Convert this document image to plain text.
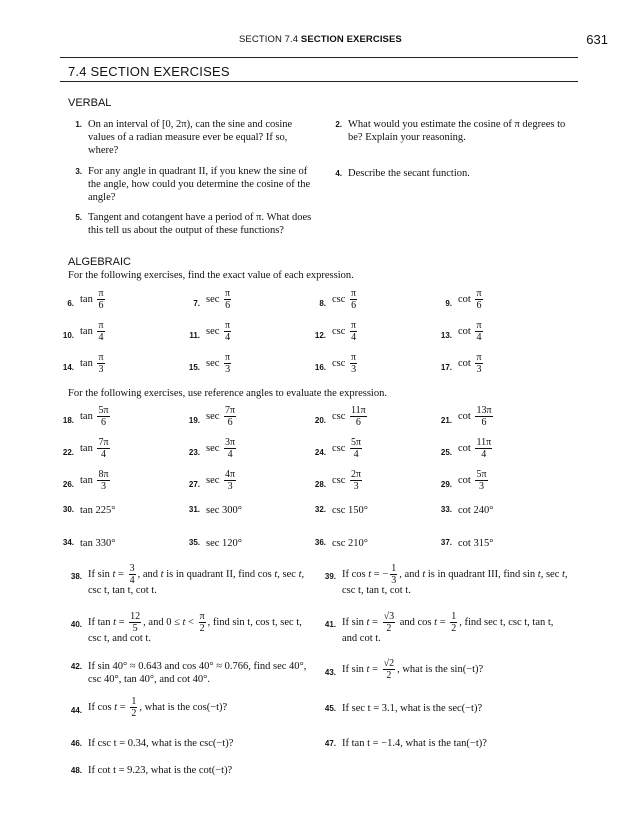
SECTION 7.4 SECTION EXERCISES	631
7.4 SECTION EXERCISES
VERBAL
1. On an interval of [0, 2π), can the sine and cosine values of a radian measure ever be equal? If so, where?
2. What would you estimate the cosine of π degrees to be? Explain your reasoning.
3. For any angle in quadrant II, if you knew the sine of the angle, how could you determine the cosine of the angle?
4. Describe the secant function.
5. Tangent and cotangent have a period of π. What does this tell us about the output of these functions?
ALGEBRAIC
For the following exercises, find the exact value of each expression.
6. $\tan \frac{\pi}{6}$	7. $\sec \frac{\pi}{6}$	8. $\csc \frac{\pi}{6}$	9. $\cot \frac{\pi}{6}$
10. $\tan \frac{\pi}{4}$	11. $\sec \frac{\pi}{4}$	12. $\csc \frac{\pi}{4}$	13. $\cot \frac{\pi}{4}$
14. $\tan \frac{\pi}{3}$	15. $\sec \frac{\pi}{3}$	16. $\csc \frac{\pi}{3}$	17. $\cot \frac{\pi}{3}$
For the following exercises, use reference angles to evaluate the expression.
18. $\tan \frac{5\pi}{6}$	19. $\sec \frac{7\pi}{6}$	20. $\csc \frac{11\pi}{6}$	21. $\cot \frac{13\pi}{6}$
22. $\tan \frac{7\pi}{4}$	23. $\sec \frac{3\pi}{4}$	24. $\csc \frac{5\pi}{4}$	25. $\cot \frac{11\pi}{4}$
26. $\tan \frac{8\pi}{3}$	27. $\sec \frac{4\pi}{3}$	28. $\csc \frac{2\pi}{3}$	29. $\cot \frac{5\pi}{3}$
30. tan 225°	31. sec 300°	32. csc 150°	33. cot 240°
34. tan 330°	35. sec 120°	36. csc 210°	37. cot 315°
38. If $\sin t = \frac{3}{4}$ , and t is in quadrant II, find cos t, sec t,
csc t, tan t, cot t.
39. If cos t = − $\frac{1}{3}$ , and t is in quadrant III, find sin t, sec t,
csc t, tan t, cot t.
40. If $\tan t = \frac{12}{5}$ , and $0 \le t < \frac{\pi}{2}$ , find sin t, cos t, sec t,
csc t, and cot t.
41. If $\sin t = \frac{√3}{2}$ and $\cos t = \frac{1}{2}$ , find sec t, csc t, tan t,
and cot t.
42. If sin 40° ≈ 0.643 and cos 40° ≈ 0.766, find sec 40°,
csc 40°, tan 40°, and cot 40°.
43. If $\sin t = \frac{√2}{2}$ , what is the sin(−t)?
44. If $\cos t = \frac{1}{2}$ , what is the cos(−t)?	45. If sec t = 3.1, what is the sec(−t)?
46. If csc t = 0.34, what is the csc(−t)?	47. If tan t = −1.4, what is the tan(−t)?
48. If cot t = 9.23, what is the cot(−t)?
